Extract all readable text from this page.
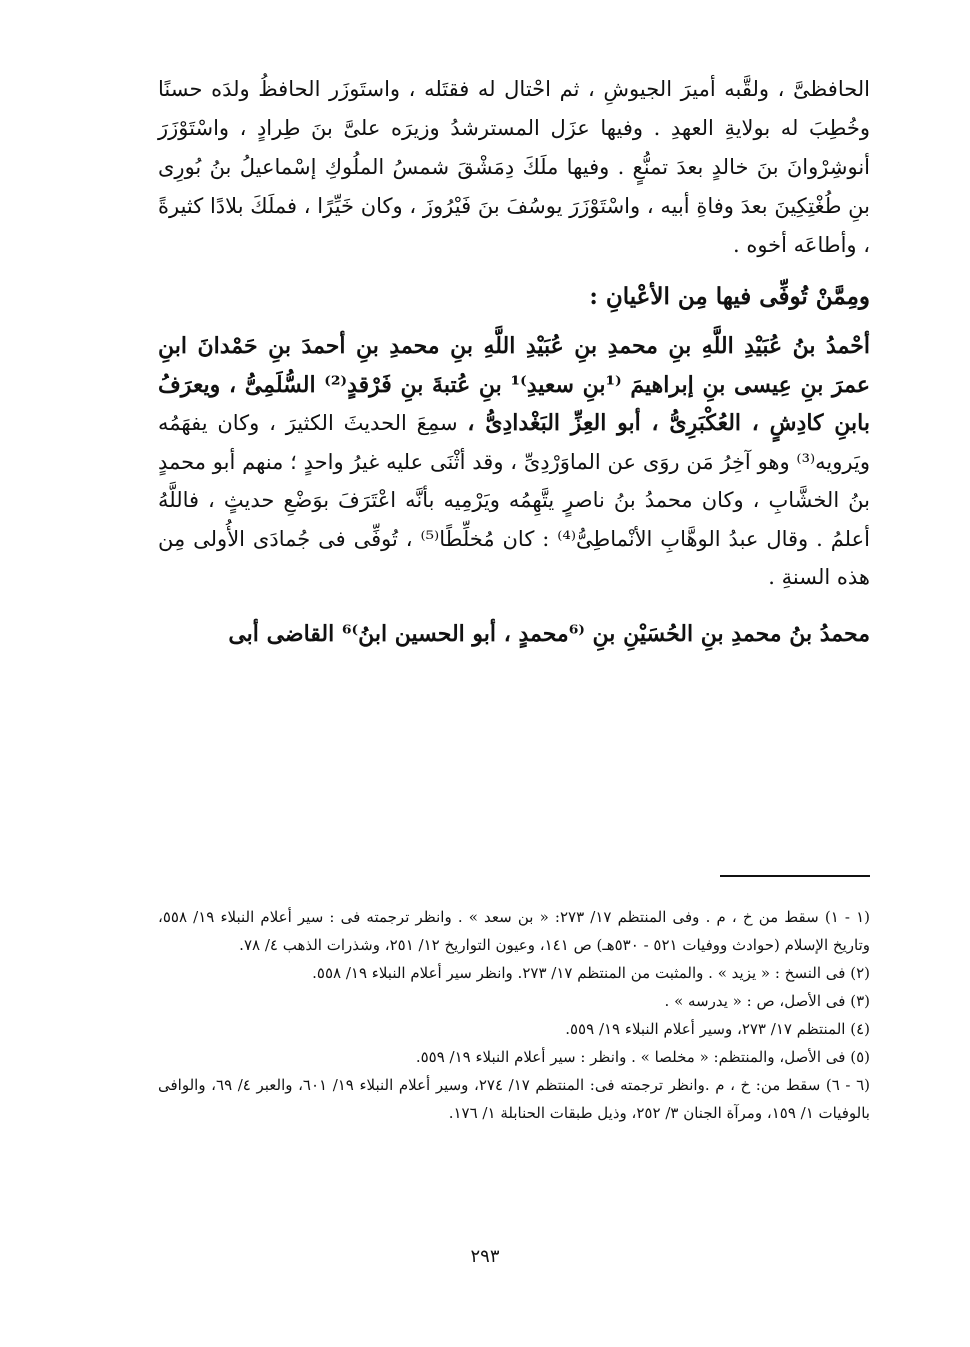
الحافظىَّ ، ولقَّبه أميرَ الجيوشِ ، ثم احْتال له فقتَله ، واستَوزَر الحافظُ ولدَه حسنًا وخُطِبَ له بولايةِ العهدِ . وفيها عزَل المسترشدُ وزيرَه علىَّ بنَ طِرادٍ ، واسْتَوْزَرَ أنوشِرْوانَ بنَ خالدٍ بعدَ تمنُّعٍ . وفيها ملَكَ دِمَشْقَ شمسُ الملُوكِ إسْماعيلُ بنُ بُورِى بنِ طُغْتِكِينَ بعدَ وفاةِ أبيه ، واسْتَوْزَرَ يوسُفَ بنَ فَيْرُوزَ ، وكان خَيِّرًا ، فملَكَ بلادًا كثيرةً ، وأطاعَه أخوه .

ومِمَّنْ تُوفِّى فيها مِن الأعْيانِ :

أحْمدُ بنُ عُبَيْدِ اللَّهِ بنِ محمدِ بنِ عُبَيْدِ اللَّهِ بنِ محمدِ بنِ أحمدَ بنِ حَمْدانَ ابنِ عمرَ بنِ عِيسى بنِ إبراهيمَ ⁽¹بنِ سعيدِ⁾¹ بنِ عُتبةَ بنِ فَرْقدٍ⁽²⁾ السُّلَمِىُّ ، ويعرَفُ بابنِ كادِشٍ ، العُكْبَرِىُّ ، أبو العِزِّ البَغْدادِىُّ ، سمِعَ الحديثَ الكثيرَ ، وكان يفهَمُه ويَرويه⁽³⁾ وهو آخِرُ مَن روَى عن الماوَرْدِىِّ ، وقد أثْنَى عليه غيرُ واحدٍ ؛ منهم أبو محمدٍ بنُ الخشَّابِ ، وكان محمدُ بنُ ناصرٍ يتَّهِمُه ويَرْمِيه بأنَّه اعْتَرَفَ بوَضْعِ حديثٍ ، فاللَّهُ أعلمُ . وقال عبدُ الوهَّابِ الأنْماطِىُّ⁽⁴⁾ : كان مُخلِّطًا⁽⁵⁾ ، تُوفِّى فى جُمادَى الأُولى مِن هذه السنةِ .

محمدُ بنُ محمدِ بنِ الحُسَيْنِ بنِ ⁽⁶محمدٍ ، أبو الحسين ابنُ⁾⁶ القاضى أبى

(١ - ١) سقط من خ ، م . وفى المنتظم ١٧/ ٢٧٣: « بن سعد » . وانظر ترجمته فى : سير أعلام النبلاء ١٩/ ٥٥٨، وتاريخ الإسلام (حوادث ووفيات ٥٢١ - ٥٣٠هـ) ص ١٤١، وعيون التواريخ ١٢/ ٢٥١، وشذرات الذهب ٤/ ٧٨.

(٢) فى النسخ : « يزيد » . والمثبت من المنتظم ١٧/ ٢٧٣. وانظر سير أعلام النبلاء ١٩/ ٥٥٨.

(٣) فى الأصل، ص : « يدرسه » .

(٤) المنتظم ١٧/ ٢٧٣، وسير أعلام النبلاء ١٩/ ٥٥٩.

(٥) فى الأصل، والمنتظم: « مخلصا » . وانظر : سير أعلام النبلاء ١٩/ ٥٥٩.

(٦ - ٦) سقط من: خ ، م .وانظر ترجمته فى: المنتظم ١٧/ ٢٧٤، وسير أعلام النبلاء ١٩/ ٦٠١، والعبر ٤/ ٦٩، والوافى بالوفيات ١/ ١٥٩، ومرآة الجنان ٣/ ٢٥٢، وذيل طبقات الحنابلة ١/ ١٧٦.

٢٩٣
